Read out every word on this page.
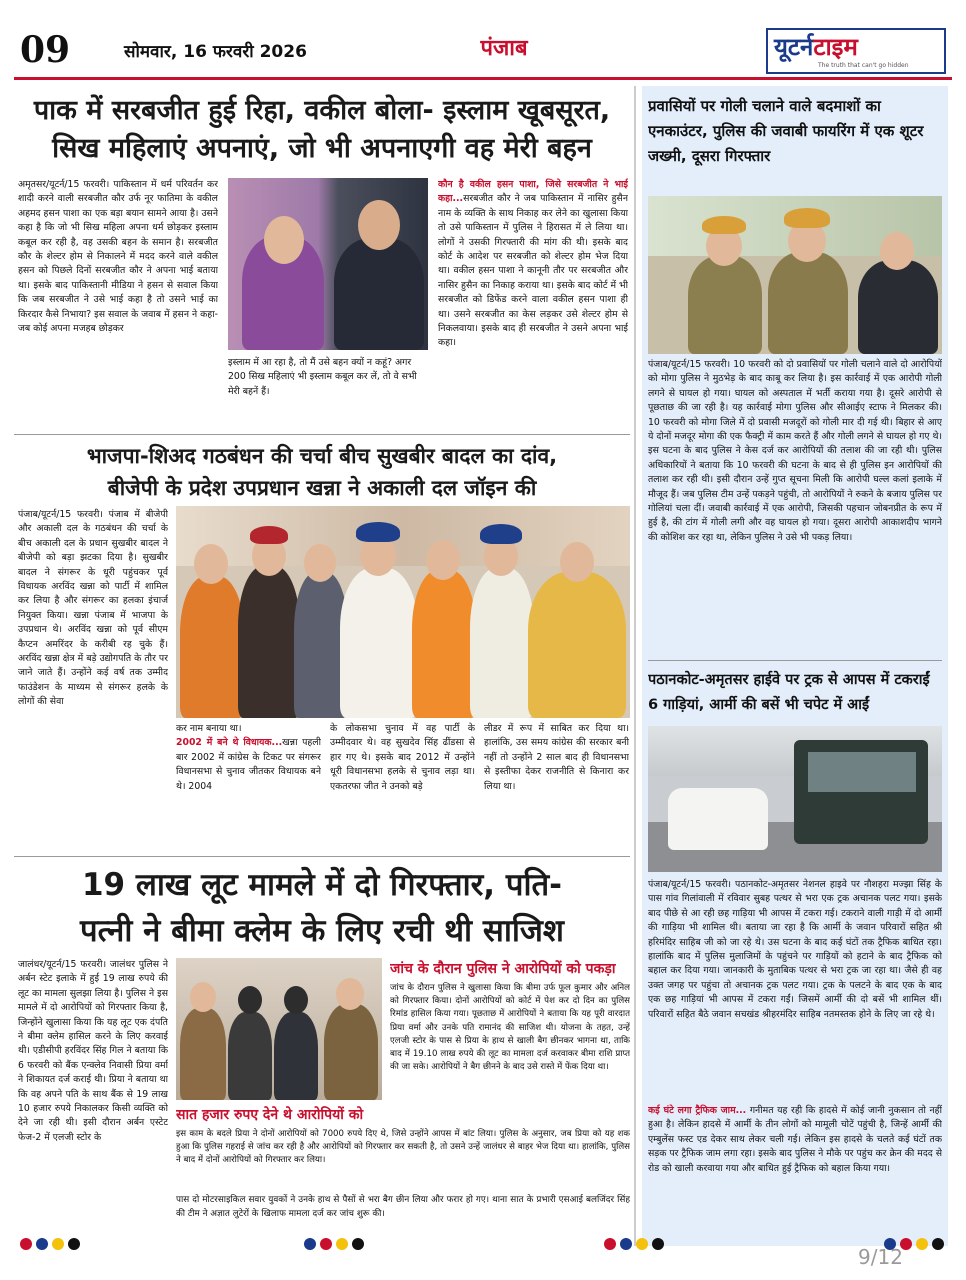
09	सोमवार, 16 फरवरी 2026	पंजाब	यूटर्नटाइम
The truth that can't go hidden
पाक में सरबजीत हुई रिहा, वकील बोला- इस्लाम खूबसूरत,
सिख महिलाएं अपनाएं, जो भी अपनाएगी वह मेरी बहन
अमृतसर/यूटर्न/15 फरवरी। पाकिस्तान में धर्म परिवर्तन कर शादी करने वाली सरबजीत कौर उर्फ नूर फातिमा के वकील अहमद हसन पाशा का एक बड़ा बयान सामने आया है। उसने कहा है कि जो भी सिख महिला अपना धर्म छोड़कर इस्लाम कबूल कर रही है, वह उसकी बहन के समान है। सरबजीत कौर के शेल्टर होम से निकालने में मदद करने वाले वकील हसन को पिछले दिनों सरबजीत कौर ने अपना भाई बताया था। इसके बाद पाकिस्तानी मीडिया ने हसन से सवाल किया कि जब सरबजीत ने उसे भाई कहा है तो उसने भाई का किरदार कैसे निभाया? इस सवाल के जवाब में हसन ने कहा- जब कोई अपना मजहब छोड़कर
इस्लाम में आ रहा है, तो मैं उसे बहन क्यों न कहूं? अगर 200 सिख महिलाएं भी इस्लाम कबूल कर लें, तो वे सभी मेरी बहनें हैं।
कौन है वकील हसन पाशा, जिसे सरबजीत ने भाई कहा...सरबजीत कौर ने जब पाकिस्तान में नासिर हुसैन नाम के व्यक्ति के साथ निकाह कर लेने का खुलासा किया तो उसे पाकिस्तान में पुलिस ने हिरासत में ले लिया था। लोगों ने उसकी गिरफ्तारी की मांग की थी। इसके बाद कोर्ट के आदेश पर सरबजीत को शेल्टर होम भेज दिया था। वकील हसन पाशा ने कानूनी तौर पर सरबजीत और नासिर हुसैन का निकाह कराया था। इसके बाद कोर्ट में भी सरबजीत को डिफेंड करने वाला वकील हसन पाशा ही था। उसने सरबजीत का केस लड़कर उसे शेल्टर होम से निकलवाया। इसके बाद ही सरबजीत ने उसने अपना भाई कहा।
भाजपा-शिअद गठबंधन की चर्चा बीच सुखबीर बादल का दांव,
बीजेपी के प्रदेश उपप्रधान खन्ना ने अकाली दल जॉइन की
पंजाब/यूटर्न/15 फरवरी। पंजाब में बीजेपी और अकाली दल के गठबंधन की चर्चा के बीच अकाली दल के प्रधान सुखबीर बादल ने बीजेपी को बड़ा झटका दिया है। सुखबीर बादल ने संगरूर के धूरी पहुंचकर पूर्व विधायक अरविंद खन्ना को पार्टी में शामिल कर लिया है और संगरूर का हलका इंचार्ज नियुक्त किया। खन्ना पंजाब में भाजपा के उपप्रधान थे। अरविंद खन्ना को पूर्व सीएम कैप्टन अमरिंदर के करीबी रह चुके हैं। अरविंद खन्ना क्षेत्र में बड़े उद्योगपति के तौर पर जाने जाते हैं। उन्होंने कई वर्ष तक उम्मीद फाउंडेशन के माध्यम से संगरूर हलके के लोगों की सेवा
कर नाम बनाया था।
2002 में बने थे विधायक...खन्ना पहली बार 2002 में कांग्रेस के टिकट पर संगरूर विधानसभा से चुनाव जीतकर विधायक बने थे। 2004
के लोकसभा चुनाव में वह पार्टी के उम्मीदवार थे। वह सुखदेव सिंह ढींडसा से हार गए थे। इसके बाद 2012 में उन्होंने धूरी विधानसभा हलके से चुनाव लड़ा था। एकतरफा जीत ने उनको बड़े
लीडर में रूप में साबित कर दिया था। हालांकि, उस समय कांग्रेस की सरकार बनी नहीं तो उन्होंने 2 साल बाद ही विधानसभा से इस्तीफा देकर राजनीति से किनारा कर लिया था।
19 लाख लूट मामले में दो गिरफ्तार, पति-
पत्नी ने बीमा क्लेम के लिए रची थी साजिश
जालंधर/यूटर्न/15 फरवरी। जालंधर पुलिस ने अर्बन स्टेट इलाके में हुई 19 लाख रुपये की लूट का मामला सुलझा लिया है। पुलिस ने इस मामले में दो आरोपियों को गिरफ्तार किया है, जिन्होंने खुलासा किया कि यह लूट एक दंपति ने बीमा क्लेम हासिल करने के लिए करवाई थी। एडीसीपी हरविंदर सिंह गिल ने बताया कि 6 फरवरी को बैंक एन्क्लेव निवासी प्रिया वर्मा ने शिकायत दर्ज कराई थी। प्रिया ने बताया था कि वह अपने पति के साथ बैंक से 19 लाख 10 हजार रुपये निकालकर किसी व्यक्ति को देने जा रही थी। इसी दौरान अर्बन एस्टेट फेज-2 में एलजी स्टोर के
जांच के दौरान पुलिस ने आरोपियों को पकड़ा
जांच के दौरान पुलिस ने खुलासा किया कि बीमा उर्फ फूल कुमार और अनिल को गिरफ्तार किया। दोनों आरोपियों को कोर्ट में पेश कर दो दिन का पुलिस रिमांड हासिल किया गया। पूछताछ में आरोपियों ने बताया कि यह पूरी वारदात प्रिया वर्मा और उनके पति रामानंद की साजिश थी। योजना के तहत, उन्हें एलजी स्टोर के पास से प्रिया के हाथ से खाली बैग छीनकर भागना था, ताकि बाद में 19.10 लाख रुपये की लूट का मामला दर्ज करवाकर बीमा राशि प्राप्त की जा सके। आरोपियों ने बैग छीनने के बाद उसे रास्ते में फेंक दिया था।
सात हजार रुपए देने थे आरोपियों को
इस काम के बदले प्रिया ने दोनों आरोपियों को 7000 रुपये दिए थे, जिसे उन्होंने आपस में बांट लिया। पुलिस के अनुसार, जब प्रिया को यह शक हुआ कि पुलिस गहराई से जांच कर रही है और आरोपियों को गिरफ्तार कर सकती है, तो उसने उन्हें जालंधर से बाहर भेज दिया था। हालांकि, पुलिस ने बाद में दोनों आरोपियों को गिरफ्तार कर लिया।
पास दो मोटरसाइकिल सवार युवकों ने उनके हाथ से पैसों से भरा बैग छीन लिया और फरार हो गए। थाना सात के प्रभारी एसआई बलजिंदर सिंह की टीम ने अज्ञात लुटेरों के खिलाफ मामला दर्ज कर जांच शुरू की।
प्रवासियों पर गोली चलाने वाले बदमाशों का एनकाउंटर, पुलिस की जवाबी फायरिंग में एक शूटर जख्मी, दूसरा गिरफ्तार
पंजाब/यूटर्न/15 फरवरी। 10 फरवरी को दो प्रवासियों पर गोली चलाने वाले दो आरोपियों को मोगा पुलिस ने मुठभेड़ के बाद काबू कर लिया है। इस कार्रवाई में एक आरोपी गोली लगने से घायल हो गया। घायल को अस्पताल में भर्ती कराया गया है। दूसरे आरोपी से पूछताछ की जा रही है। यह कार्रवाई मोगा पुलिस और सीआईए स्टाफ ने मिलकर की। 10 फरवरी को मोगा जिले में दो प्रवासी मजदूरों को गोली मार दी गई थी। बिहार से आए ये दोनों मजदूर मोगा की एक फैक्ट्री में काम करते हैं और गोली लगने से घायल हो गए थे। इस घटना के बाद पुलिस ने केस दर्ज कर आरोपियों की तलाश की जा रही थी। पुलिस अधिकारियों ने बताया कि 10 फरवरी की घटना के बाद से ही पुलिस इन आरोपियों की तलाश कर रही थी। इसी दौरान उन्हें गुप्त सूचना मिली कि आरोपी घल्ल कलां इलाके में मौजूद हैं। जब पुलिस टीम उन्हें पकड़ने पहुंची, तो आरोपियों ने रुकने के बजाय पुलिस पर गोलियां चला दीं। जवाबी कार्रवाई में एक आरोपी, जिसकी पहचान जोबनप्रीत के रूप में हुई है, की टांग में गोली लगी और वह घायल हो गया। दूसरा आरोपी आकाशदीप भागने की कोशिश कर रहा था, लेकिन पुलिस ने उसे भी पकड़ लिया।
पठानकोट-अमृतसर हाईवे पर ट्रक से आपस में टकराईं 6 गाड़ियां, आर्मी की बसें भी चपेट में आईं
पंजाब/यूटर्न/15 फरवरी। पठानकोट-अमृतसर नेशनल हाइवे पर नौशहरा मज्झा सिंह के पास गांव गिलांवाली में रविवार सुबह पत्थर से भरा एक ट्रक अचानक पलट गया। इसके बाद पीछे से आ रही छह गाड़िया भी आपस में टकरा गई। टकराने वाली गाड़ी में दो आर्मी की गाड़िया भी शामिल थी। बताया जा रहा है कि आर्मी के जवान परिवारों सहित श्री हरिमंदिर साहिब जी को जा रहे थे। उस घटना के बाद कई घंटों तक ट्रैफिक बाधित रहा। हालांकि बाद में पुलिस मुलाजिमों के पहुंचने पर गाड़ियों को हटाने के बाद ट्रैफिक को बहाल कर दिया गया। जानकारी के मुताबिक पत्थर से भरा ट्रक जा रहा था। जैसे ही वह उक्त जगह पर पहुंचा तो अचानक ट्रक पलट गया। ट्रक के पलटने के बाद एक के बाद एक छह गाड़ियां भी आपस में टकरा गईं। जिसमें आर्मी की दो बसें भी शामिल थीं। परिवारों सहित बैठे जवान सचखंड श्रीहरमंदिर साहिब नतमस्तक होने के लिए जा रहे थे।
कई घंटे लगा ट्रैफिक जाम... गनीमत यह रही कि हादसे में कोई जानी नुकसान तो नहीं हुआ है। लेकिन हादसे में आर्मी के तीन लोगों को मामूली चोटें पहुंची है, जिन्हें आर्मी की एम्बुलेंस फस्ट एड देकर साथ लेकर चली गई। लेकिन इस हादसे के चलते कई घंटों तक सड़क पर ट्रैफिक जाम लगा रहा। इसके बाद पुलिस ने मौके पर पहुंच कर क्रेन की मदद से रोड को खाली करवाया गया और बाधित हुई ट्रैफिक को बहाल किया गया।
9/12
